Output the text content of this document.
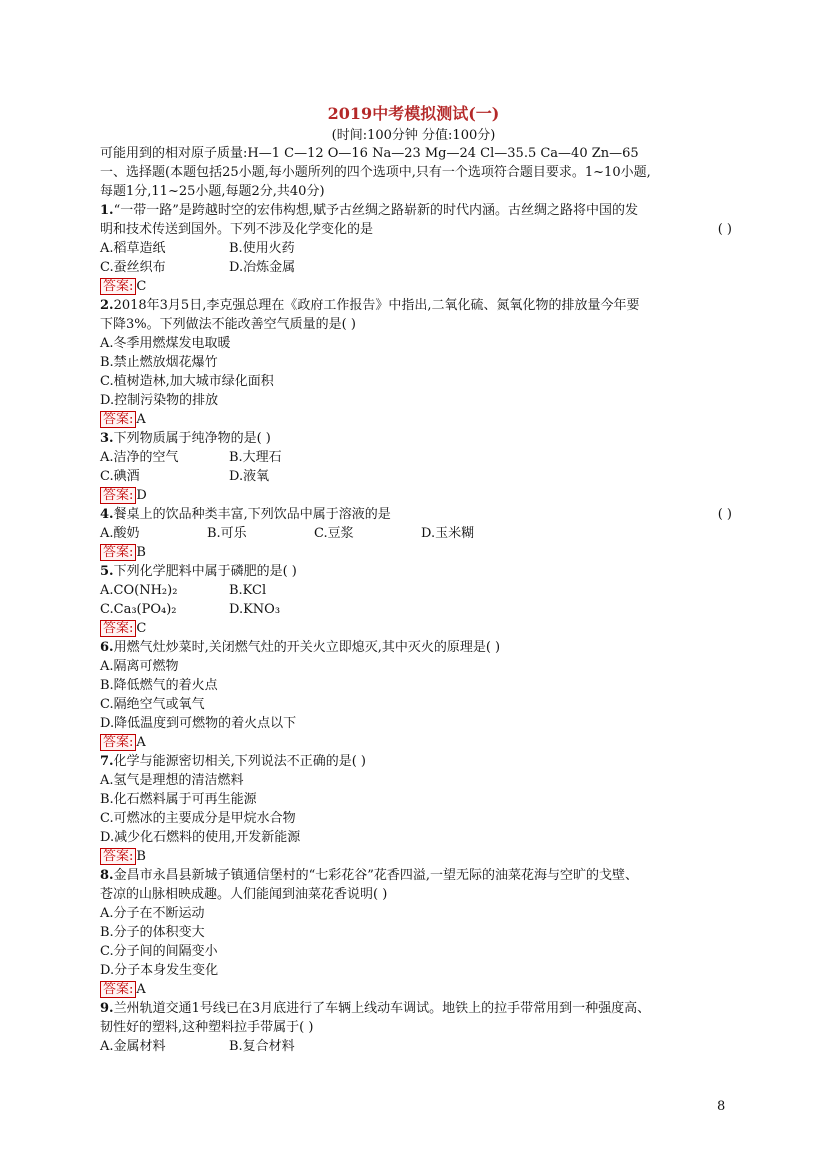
2019中考模拟测试(一)
(时间:100分钟 分值:100分)
可能用到的相对原子质量:H—1 C—12 O—16 Na—23 Mg—24 Cl—35.5 Ca—40 Zn—65
一、选择题(本题包括25小题,每小题所列的四个选项中,只有一个选项符合题目要求。1~10小题,
每题1分,11~25小题,每题2分,共40分)
1.“一带一路”是跨越时空的宏伟构想,赋予古丝绸之路崭新的时代内涵。古丝绸之路将中国的发
明和技术传送到国外。下列不涉及化学变化的是	( )
A.稻草造纸	B.使用火药
C.蚕丝织布	D.冶炼金属
答案: C
2.2018年3月5日,李克强总理在《政府工作报告》中指出,二氧化硫、氮氧化物的排放量今年要
下降3%。下列做法不能改善空气质量的是( )
A.冬季用燃煤发电取暖
B.禁止燃放烟花爆竹
C.植树造林,加大城市绿化面积
D.控制污染物的排放
答案: A
3.下列物质属于纯净物的是( )
A.洁净的空气	B.大理石
C.碘酒	D.液氧
答案: D
4.餐桌上的饮品种类丰富,下列饮品中属于溶液的是	( )
A.酸奶	B.可乐	C.豆浆	D.玉米糊
答案: B
5.下列化学肥料中属于磷肥的是( )
A.CO(NH₂)₂	B.KCl
C.Ca₃(PO₄)₂	D.KNO₃
答案: C
6.用燃气灶炒菜时,关闭燃气灶的开关火立即熄灭,其中灭火的原理是( )
A.隔离可燃物
B.降低燃气的着火点
C.隔绝空气或氧气
D.降低温度到可燃物的着火点以下
答案: A
7.化学与能源密切相关,下列说法不正确的是( )
A.氢气是理想的清洁燃料
B.化石燃料属于可再生能源
C.可燃冰的主要成分是甲烷水合物
D.减少化石燃料的使用,开发新能源
答案: B
8.金昌市永昌县新城子镇通信堡村的“七彩花谷”花香四溢,一望无际的油菜花海与空旷的戈壁、
苍凉的山脉相映成趣。人们能闻到油菜花香说明( )
A.分子在不断运动
B.分子的体积变大
C.分子间的间隔变小
D.分子本身发生变化
答案: A
9.兰州轨道交通1号线已在3月底进行了车辆上线动车调试。地铁上的拉手带常用到一种强度高、
韧性好的塑料,这种塑料拉手带属于( )
A.金属材料	B.复合材料
8
